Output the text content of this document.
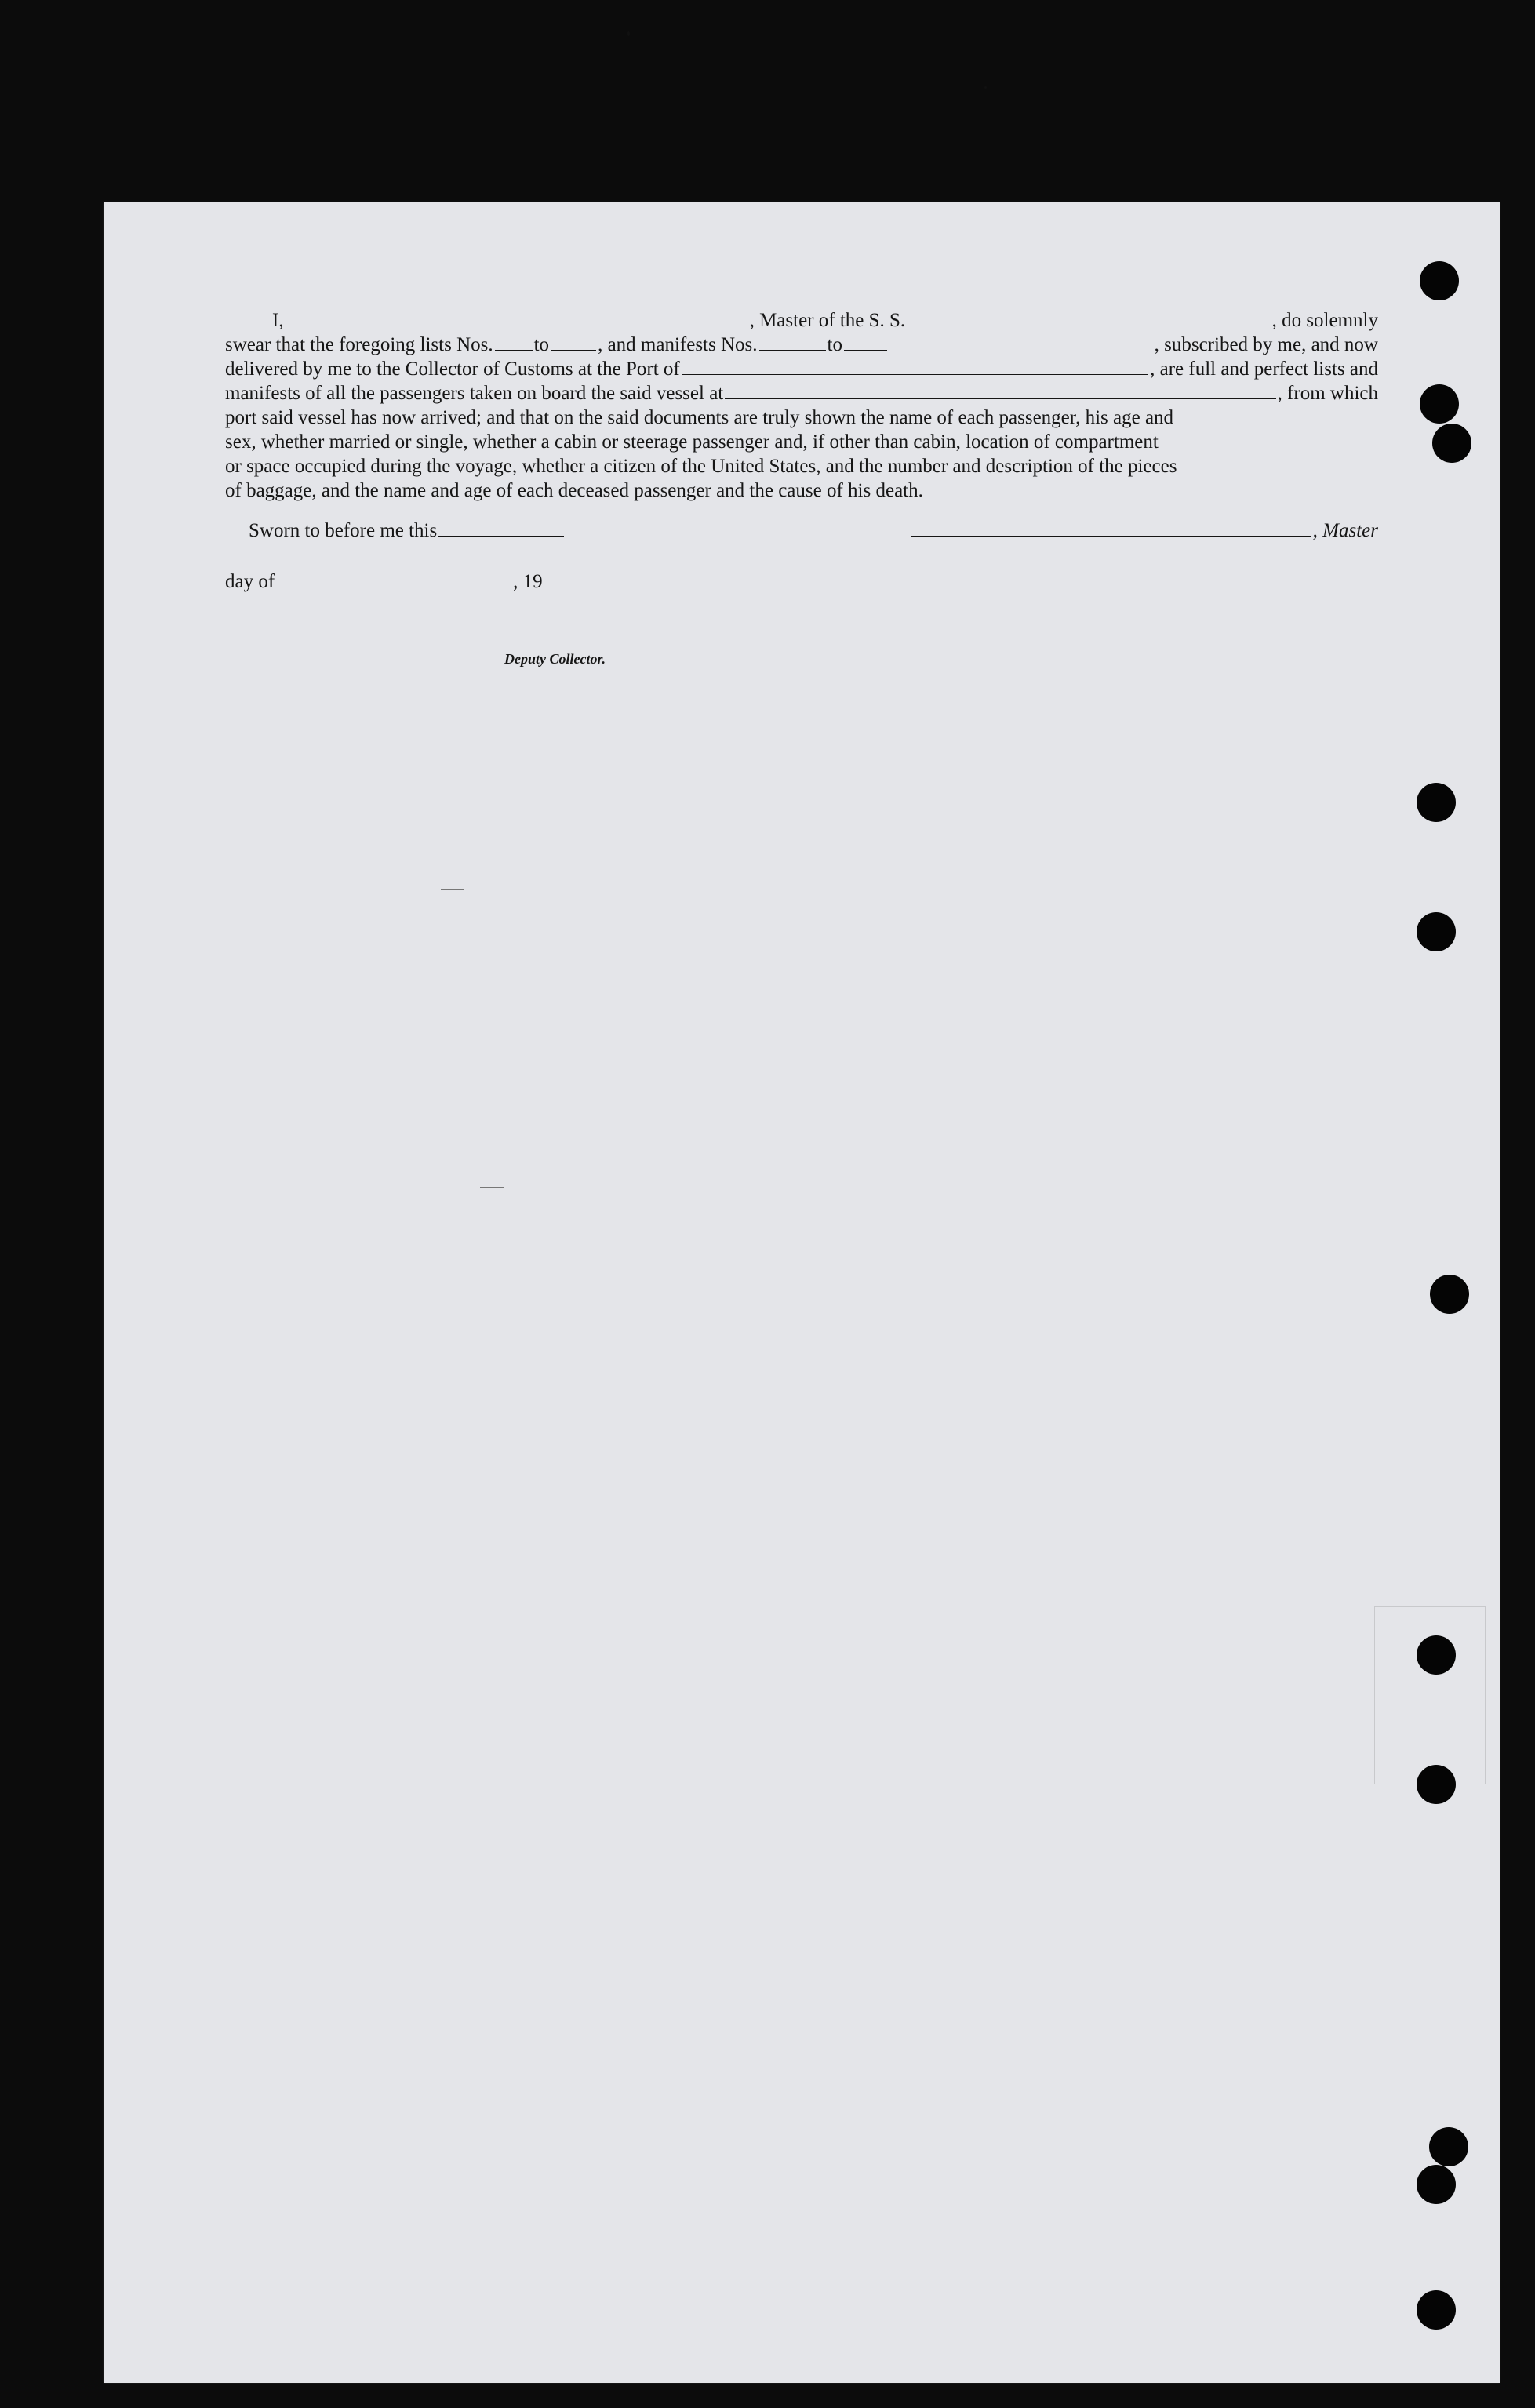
I,	, Master of the S. S.	, do solemnly
swear that the foregoing lists Nos. to , and manifests Nos.	to	, subscribed by me, and now
delivered by me to the Collector of Customs at the Port of	, are full and perfect lists and
manifests of all the passengers taken on board the said vessel at	, from which
port said vessel has now arrived; and that on the said documents are truly shown the name of each passenger, his age and
sex, whether married or single, whether a cabin or steerage passenger and, if other than cabin, location of compartment
or space occupied during the voyage, whether a citizen of the United States, and the number and description of the pieces
of baggage, and the name and age of each deceased passenger and the cause of his death.
Sworn to before me this	, Master
day of	, 19
Deputy Collector.
